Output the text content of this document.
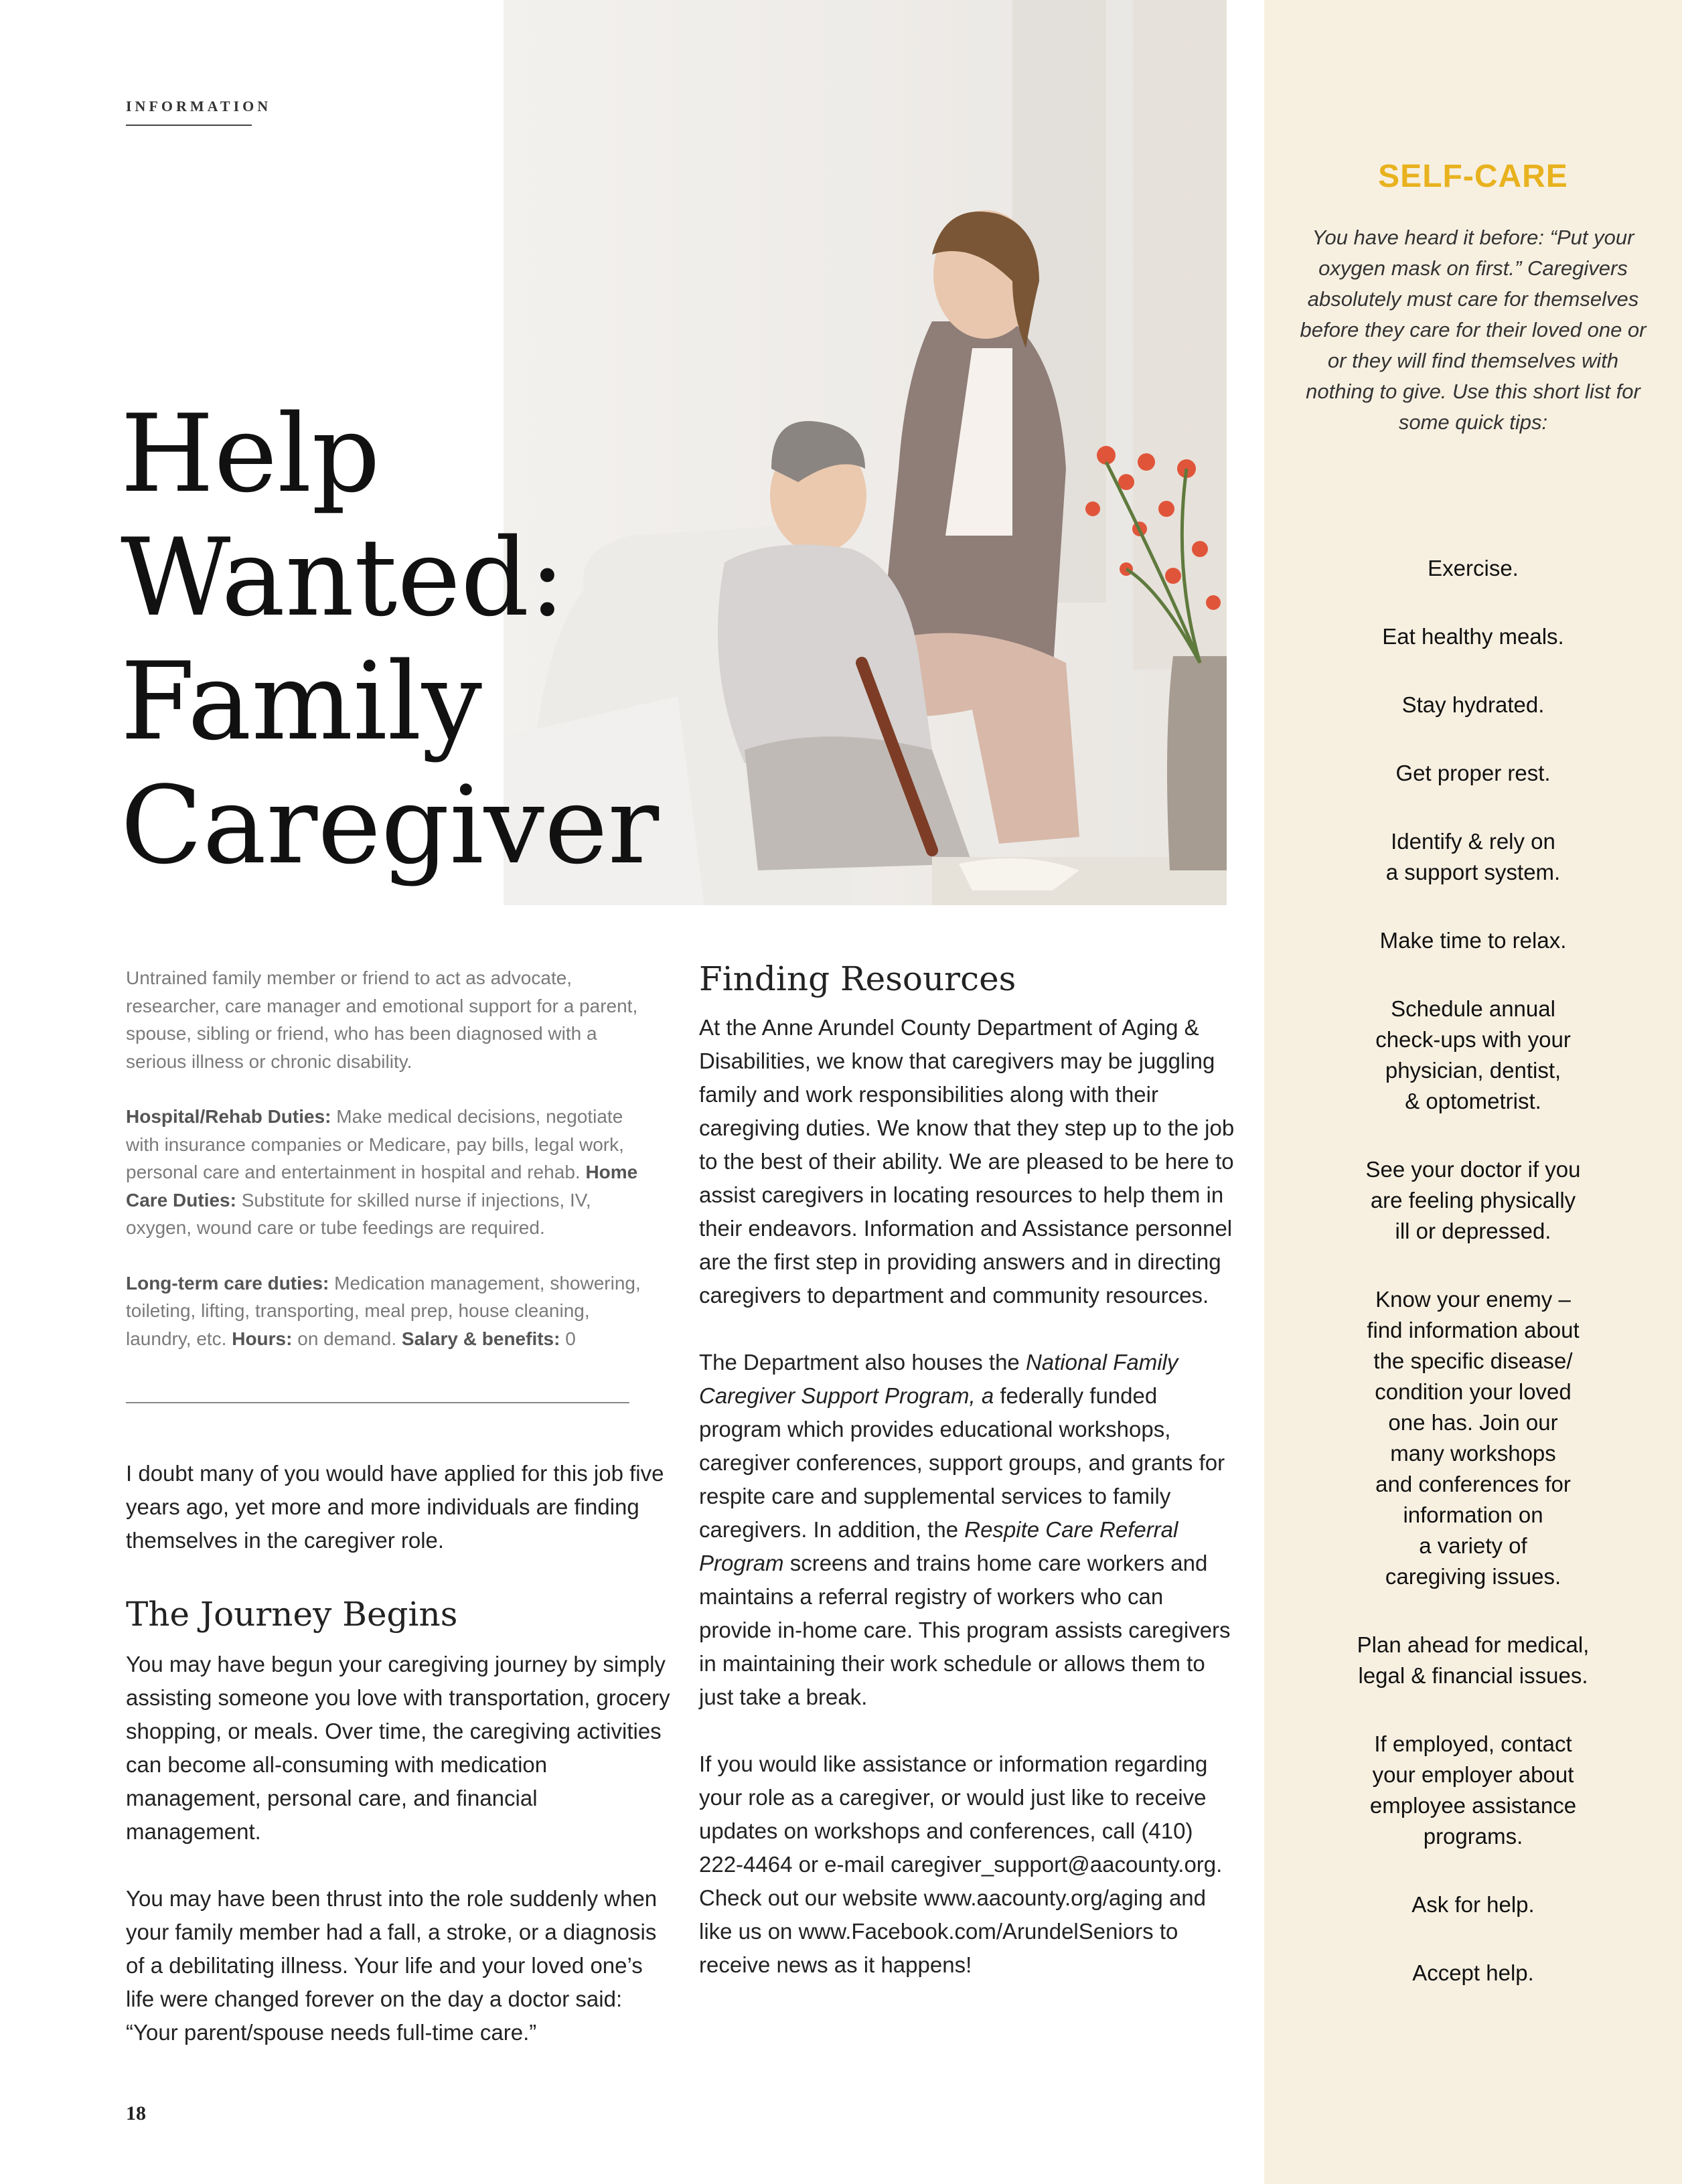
INFORMATION
Help
Wanted:
Family
Caregiver

Untrained family member or friend to act as advocate, researcher, care manager and emotional support for a parent, spouse, sibling or friend, who has been diagnosed with a serious illness or chronic disability.

Hospital/Rehab Duties: Make medical decisions, negotiate with insurance companies or Medicare, pay bills, legal work, personal care and entertainment in hospital and rehab. Home Care Duties: Substitute for skilled nurse if injections, IV, oxygen, wound care or tube feedings are required.

Long-term care duties: Medication management, showering, toileting, lifting, transporting, meal prep, house cleaning, laundry, etc. Hours: on demand. Salary & benefits: 0

I doubt many of you would have applied for this job five years ago, yet more and more individuals are finding themselves in the caregiver role.

The Journey Begins

You may have begun your caregiving journey by simply assisting someone you love with transportation, grocery shopping, or meals. Over time, the caregiving activities can become all-consuming with medication management, personal care, and financial management.

You may have been thrust into the role suddenly when your family member had a fall, a stroke, or a diagnosis of a debilitating illness. Your life and your loved one’s life were changed forever on the day a doctor said: “Your parent/spouse needs full-time care.”

Finding Resources

At the Anne Arundel County Department of Aging & Disabilities, we know that caregivers may be juggling family and work responsibilities along with their caregiving duties. We know that they step up to the job to the best of their ability. We are pleased to be here to assist caregivers in locating resources to help them in their endeavors. Information and Assistance personnel are the first step in providing answers and in directing caregivers to department and community resources.

The Department also houses the National Family Caregiver Support Program, a federally funded program which provides educational workshops, caregiver conferences, support groups, and grants for respite care and supplemental services to family caregivers. In addition, the Respite Care Referral Program screens and trains home care workers and maintains a referral registry of workers who can provide in-home care. This program assists caregivers in maintaining their work schedule or allows them to just take a break.

If you would like assistance or information regarding your role as a caregiver, or would just like to receive updates on workshops and conferences, call (410) 222-4464 or e-mail caregiver_support@aacounty.org. Check out our website www.aacounty.org/aging and like us on www.Facebook.com/ArundelSeniors to receive news as it happens!

SELF-CARE
You have heard it before: “Put your oxygen mask on first.” Caregivers absolutely must care for themselves before they care for their loved one or or they will find themselves with nothing to give. Use this short list for some quick tips:
Exercise.
Eat healthy meals.
Stay hydrated.
Get proper rest.
Identify & rely on
a support system.
Make time to relax.
Schedule annual
check-ups with your
physician, dentist,
& optometrist.
See your doctor if you
are feeling physically
ill or depressed.
Know your enemy –
find information about
the specific disease/
condition your loved
one has. Join our
many workshops
and conferences for
information on
a variety of
caregiving issues.
Plan ahead for medical,
legal & financial issues.
If employed, contact
your employer about
employee assistance
programs.
Ask for help.
Accept help.
18
